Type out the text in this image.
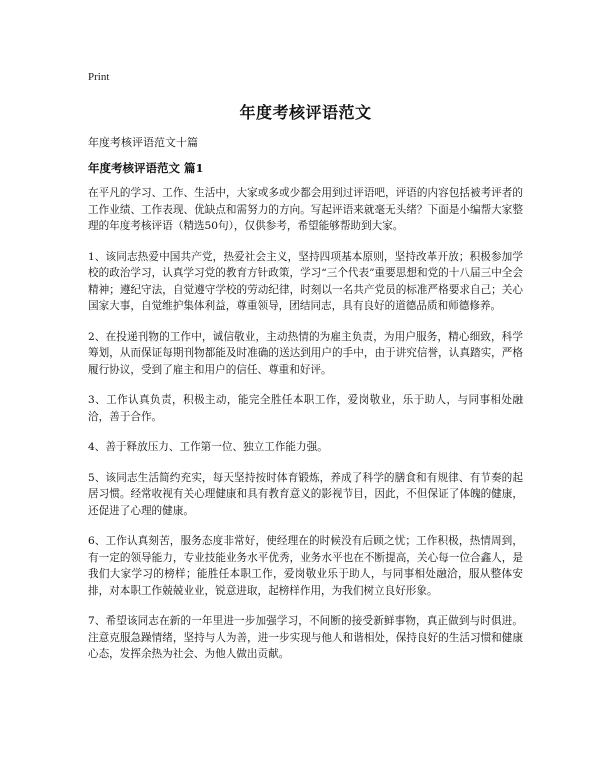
Print
年度考核评语范文
年度考核评语范文十篇
年度考核评语范文 篇1

在平凡的学习、工作、生活中，大家或多或少都会用到过评语吧，评语的内容包括被考评者的工作业绩、工作表现、优缺点和需努力的方向。写起评语来就毫无头绪？下面是小编帮大家整理的年度考核评语（精选50句），仅供参考，希望能够帮助到大家。

1、该同志热爱中国共产党，热爱社会主义，坚持四项基本原则，坚持改革开放；积极参加学校的政治学习，认真学习党的教育方针政策，学习“三个代表”重要思想和党的十八届三中全会精神；遵纪守法，自觉遵守学校的劳动纪律，时刻以一名共产党员的标准严格要求自己；关心国家大事，自觉维护集体利益，尊重领导，团结同志，具有良好的道德品质和师德修养。

2、在投递刊物的工作中，诚信敬业，主动热情的为雇主负责，为用户服务，精心细致，科学筹划，从而保证每期刊物都能及时准确的送达到用户的手中，由于讲究信誉，认真踏实，严格履行协议，受到了雇主和用户的信任、尊重和好评。

3、工作认真负责，积极主动，能完全胜任本职工作，爱岗敬业，乐于助人，与同事相处融洽，善于合作。

4、善于释放压力、工作第一位、独立工作能力强。

5、该同志生活简约充实，每天坚持按时体育锻炼，养成了科学的膳食和有规律、有节奏的起居习惯。经常收视有关心理健康和具有教育意义的影视节目，因此，不但保证了体魄的健康，还促进了心理的健康。

6、工作认真刻苦，服务态度非常好，使经理在的时候没有后顾之忧；工作积极，热情周到，有一定的领导能力，专业技能业务水平优秀，业务水平也在不断提高，关心每一位合鑫人，是我们大家学习的榜样；能胜任本职工作，爱岗敬业乐于助人，与同事相处融洽，服从整体安排，对本职工作兢兢业业，锐意进取，起榜样作用，为我们树立良好形象。

7、希望该同志在新的一年里进一步加强学习，不间断的接受新鲜事物，真正做到与时俱进。注意克服急躁情绪，坚持与人为善，进一步实现与他人和谐相处，保持良好的生活习惯和健康心态，发挥余热为社会、为他人做出贡献。
